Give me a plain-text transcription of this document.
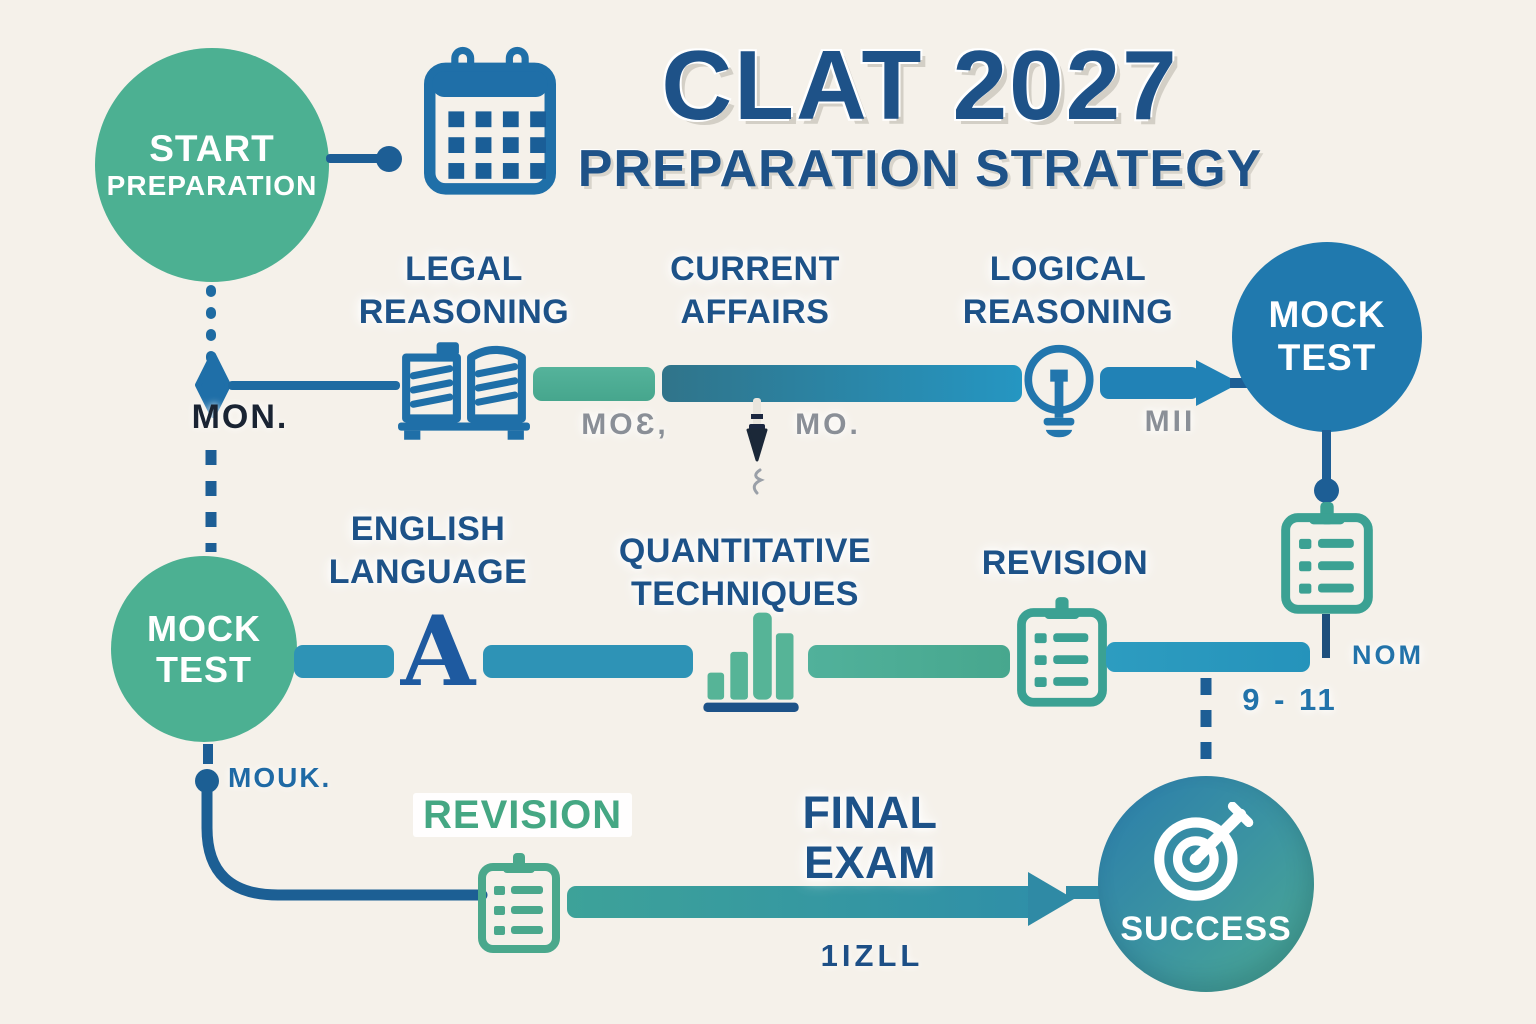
CLAT 2027
PREPARATION STRATEGY
START
PREPARATION
LEGAL
REASONING
CURRENT
AFFAIRS
LOGICAL
REASONING
MON.	MOƐ,	MO.	MII
MOCK
TEST
NOM
ENGLISH
LANGUAGE
QUANTITATIVE
TECHNIQUES
REVISION
MOCK
TEST A	9 - 11
MOUK.
REVISION	FINAL
EXAM
1IZLL
SUCCESS
